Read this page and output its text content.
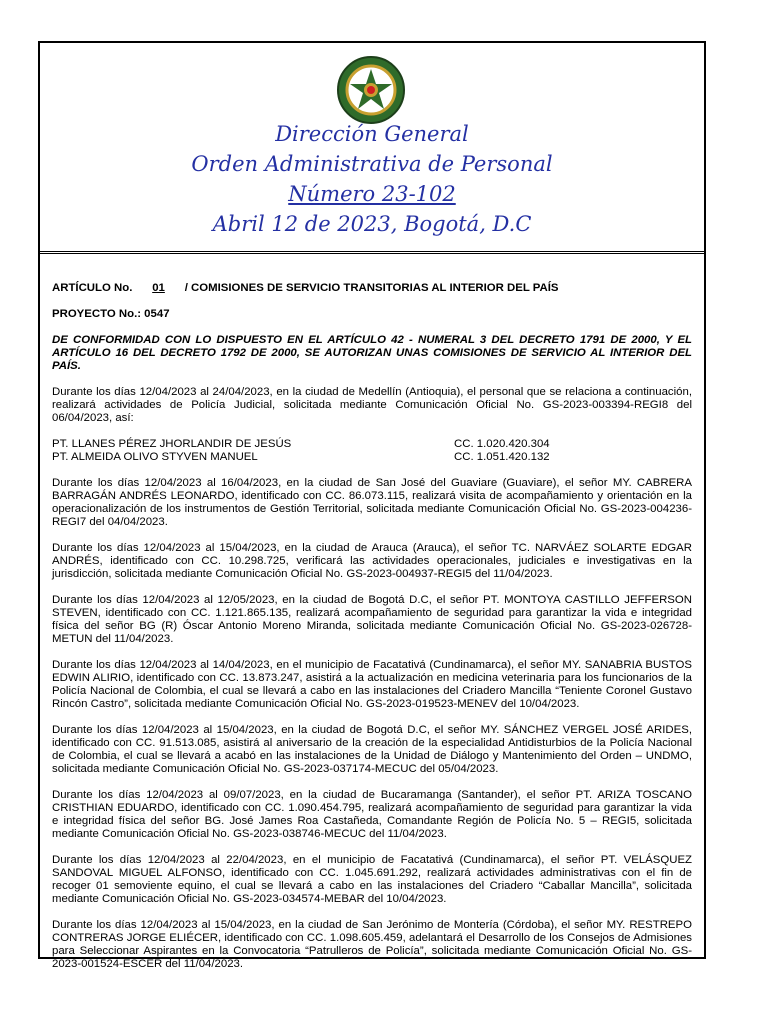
Dirección General
Orden Administrativa de Personal
Número 23-102
Abril 12 de 2023, Bogotá, D.C

ARTÍCULO No. 01 / COMISIONES DE SERVICIO TRANSITORIAS AL INTERIOR DEL PAÍS

PROYECTO No.: 0547

DE CONFORMIDAD CON LO DISPUESTO EN EL ARTÍCULO 42 - NUMERAL 3 DEL DECRETO 1791 DE 2000, Y EL ARTÍCULO 16 DEL DECRETO 1792 DE 2000, SE AUTORIZAN UNAS COMISIONES DE SERVICIO AL INTERIOR DEL PAÍS.

Durante los días 12/04/2023 al 24/04/2023, en la ciudad de Medellín (Antioquia), el personal que se relaciona a continuación, realizará actividades de Policía Judicial, solicitada mediante Comunicación Oficial No. GS-2023-003394-REGI8 del 06/04/2023, así:

PT. LLANES PÉREZ JHORLANDIR DE JESÚS	CC. 1.020.420.304
PT. ALMEIDA OLIVO STYVEN MANUEL	CC. 1.051.420.132

Durante los días 12/04/2023 al 16/04/2023, en la ciudad de San José del Guaviare (Guaviare), el señor MY. CABRERA BARRAGÁN ANDRÉS LEONARDO, identificado con CC. 86.073.115, realizará visita de acompañamiento y orientación en la operacionalización de los instrumentos de Gestión Territorial, solicitada mediante Comunicación Oficial No. GS-2023-004236-REGI7 del 04/04/2023.

Durante los días 12/04/2023 al 15/04/2023, en la ciudad de Arauca (Arauca), el señor TC. NARVÁEZ SOLARTE EDGAR ANDRÉS, identificado con CC. 10.298.725, verificará las actividades operacionales, judiciales e investigativas en la jurisdicción, solicitada mediante Comunicación Oficial No. GS-2023-004937-REGI5 del 11/04/2023.

Durante los días 12/04/2023 al 12/05/2023, en la ciudad de Bogotá D.C, el señor PT. MONTOYA CASTILLO JEFFERSON STEVEN, identificado con CC. 1.121.865.135, realizará acompañamiento de seguridad para garantizar la vida e integridad física del señor BG (R) Óscar Antonio Moreno Miranda, solicitada mediante Comunicación Oficial No. GS-2023-026728-METUN del 11/04/2023.

Durante los días 12/04/2023 al 14/04/2023, en el municipio de Facatativá (Cundinamarca), el señor MY. SANABRIA BUSTOS EDWIN ALIRIO, identificado con CC. 13.873.247, asistirá a la actualización en medicina veterinaria para los funcionarios de la Policía Nacional de Colombia, el cual se llevará a cabo en las instalaciones del Criadero Mancilla “Teniente Coronel Gustavo Rincón Castro”, solicitada mediante Comunicación Oficial No. GS-2023-019523-MENEV del 10/04/2023.

Durante los días 12/04/2023 al 15/04/2023, en la ciudad de Bogotá D.C, el señor MY. SÁNCHEZ VERGEL JOSÉ ARIDES, identificado con CC. 91.513.085, asistirá al aniversario de la creación de la especialidad Antidisturbios de la Policía Nacional de Colombia, el cual se llevará a acabó en las instalaciones de la Unidad de Diálogo y Mantenimiento del Orden – UNDMO, solicitada mediante Comunicación Oficial No. GS-2023-037174-MECUC del 05/04/2023.

Durante los días 12/04/2023 al 09/07/2023, en la ciudad de Bucaramanga (Santander), el señor PT. ARIZA TOSCANO CRISTHIAN EDUARDO, identificado con CC. 1.090.454.795, realizará acompañamiento de seguridad para garantizar la vida e integridad física del señor BG. José James Roa Castañeda, Comandante Región de Policía No. 5 – REGI5, solicitada mediante Comunicación Oficial No. GS-2023-038746-MECUC del 11/04/2023.

Durante los días 12/04/2023 al 22/04/2023, en el municipio de Facatativá (Cundinamarca), el señor PT. VELÁSQUEZ SANDOVAL MIGUEL ALFONSO, identificado con CC. 1.045.691.292, realizará actividades administrativas con el fin de recoger 01 semoviente equino, el cual se llevará a cabo en las instalaciones del Criadero “Caballar Mancilla”, solicitada mediante Comunicación Oficial No. GS-2023-034574-MEBAR del 10/04/2023.

Durante los días 12/04/2023 al 15/04/2023, en la ciudad de San Jerónimo de Montería (Córdoba), el señor MY. RESTREPO CONTRERAS JORGE ELIÉCER, identificado con CC. 1.098.605.459, adelantará el Desarrollo de los Consejos de Admisiones para Seleccionar Aspirantes en la Convocatoria “Patrulleros de Policía”, solicitada mediante Comunicación Oficial No. GS-2023-001524-ESCER del 11/04/2023.
